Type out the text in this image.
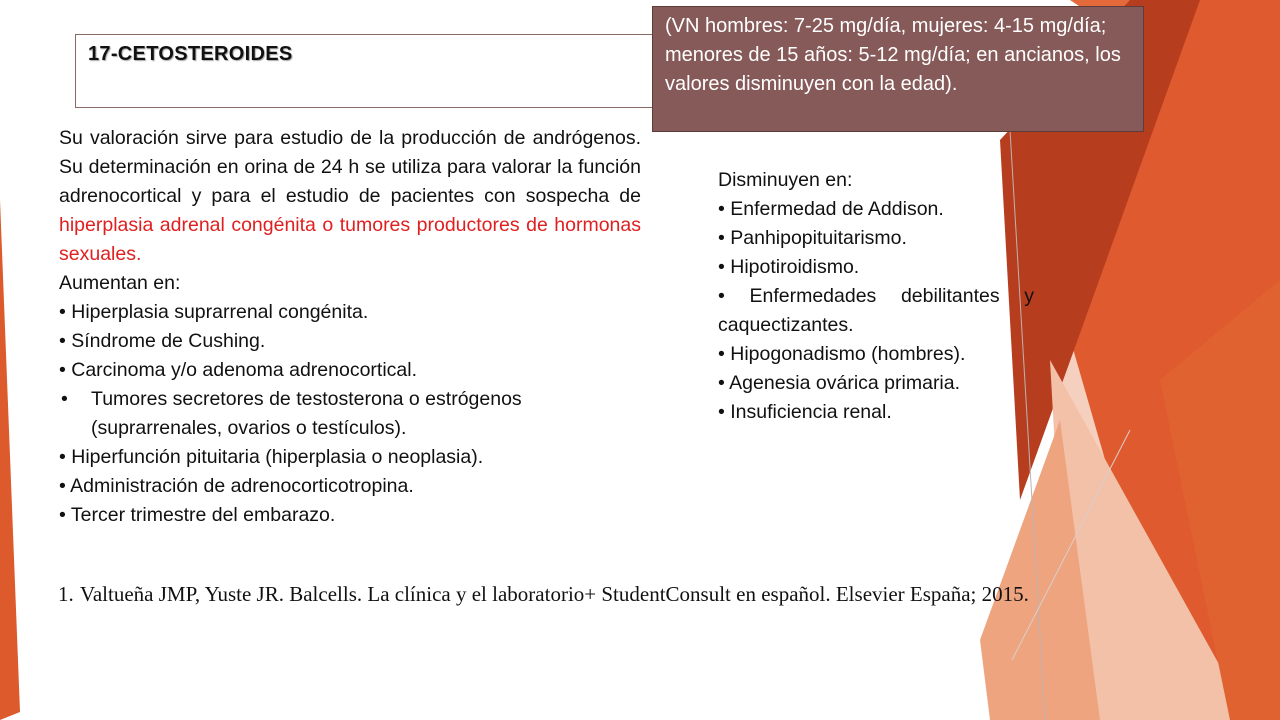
17-CETOSTEROIDES
(VN hombres: 7-25 mg/día, mujeres: 4-15 mg/día; menores de 15 años: 5-12 mg/día; en ancianos, los valores disminuyen con la edad).

Su valoración sirve para estudio de la producción de andrógenos. Su determinación en orina de 24 h se utiliza para valorar la función adrenocortical y para el estudio de pacientes con sospecha de hiperplasia adrenal congénita o tumores productores de hormonas sexuales.

Aumentan en:

• Hiperplasia suprarrenal congénita.

• Síndrome de Cushing.

• Carcinoma y/o adenoma adrenocortical.

•	Tumores secretores de testosterona o estrógenos (suprarrenales, ovarios o testículos).

• Hiperfunción pituitaria (hiperplasia o neoplasia).

• Administración de adrenocorticotropina.

• Tercer trimestre del embarazo.

Disminuyen en:

• Enfermedad de Addison.

• Panhipopituitarismo.

• Hipotiroidismo.

• Enfermedades debilitantes y caquectizantes.

• Hipogonadismo (hombres).

• Agenesia ovárica primaria.

• Insuficiencia renal.

1. Valtueña JMP, Yuste JR. Balcells. La clínica y el laboratorio+ StudentConsult en español. Elsevier España; 2015.
